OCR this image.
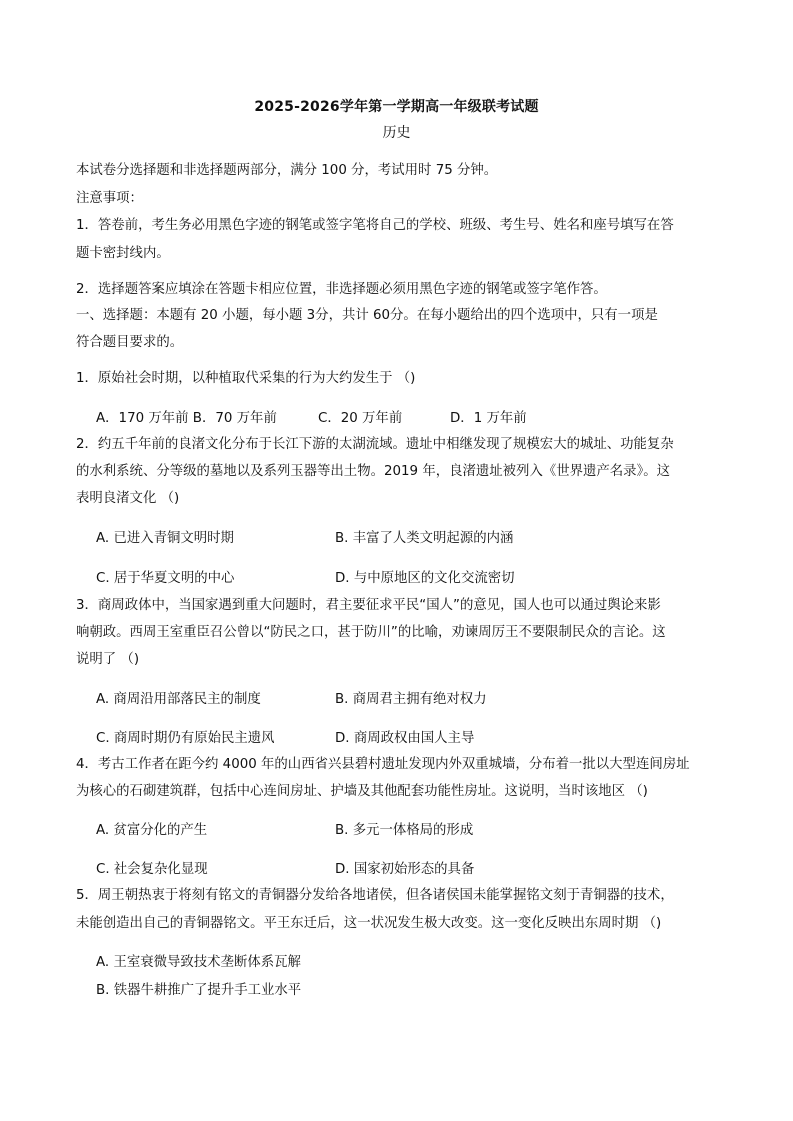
2025-2026学年第一学期高一年级联考试题
历史
本试卷分选择题和非选择题两部分，满分 100 分，考试用时 75 分钟。
注意事项：
1．答卷前，考生务必用黑色字迹的钢笔或签字笔将自己的学校、班级、考生号、姓名和座号填写在答
题卡密封线内。
2．选择题答案应填涂在答题卡相应位置，非选择题必须用黑色字迹的钢笔或签字笔作答。
一、选择题：本题有 20 小题，每小题 3分，共计 60分。在每小题给出的四个选项中，只有一项是
符合题目要求的。
1．原始社会时期，以种植取代采集的行为大约发生于 （)
A．170 万年前 B．70 万年前	C．20 万年前	D．1 万年前
2．约五千年前的良渚文化分布于长江下游的太湖流域。遗址中相继发现了规模宏大的城址、功能复杂
的水利系统、分等级的墓地以及系列玉器等出土物。2019 年，良渚遗址被列入《世界遗产名录》。这
表明良渚文化 （)
A. 已进入青铜文明时期	B. 丰富了人类文明起源的内涵
C. 居于华夏文明的中心	D. 与中原地区的文化交流密切
3．商周政体中，当国家遇到重大问题时，君主要征求平民“国人”的意见，国人也可以通过舆论来影
响朝政。西周王室重臣召公曾以“防民之口，甚于防川”的比喻，劝谏周厉王不要限制民众的言论。这
说明了 （)
A. 商周沿用部落民主的制度	B. 商周君主拥有绝对权力
C. 商周时期仍有原始民主遗风	D. 商周政权由国人主导
4．考古工作者在距今约 4000 年的山西省兴县碧村遗址发现内外双重城墙，分布着一批以大型连间房址
为核心的石砌建筑群，包括中心连间房址、护墙及其他配套功能性房址。这说明，当时该地区 （)
A. 贫富分化的产生	B. 多元一体格局的形成
C. 社会复杂化显现	D. 国家初始形态的具备
5．周王朝热衷于将刻有铭文的青铜器分发给各地诸侯，但各诸侯国未能掌握铭文刻于青铜器的技术，
未能创造出自己的青铜器铭文。平王东迁后，这一状况发生极大改变。这一变化反映出东周时期 （)
A. 王室衰微导致技术垄断体系瓦解
B. 铁器牛耕推广了提升手工业水平
